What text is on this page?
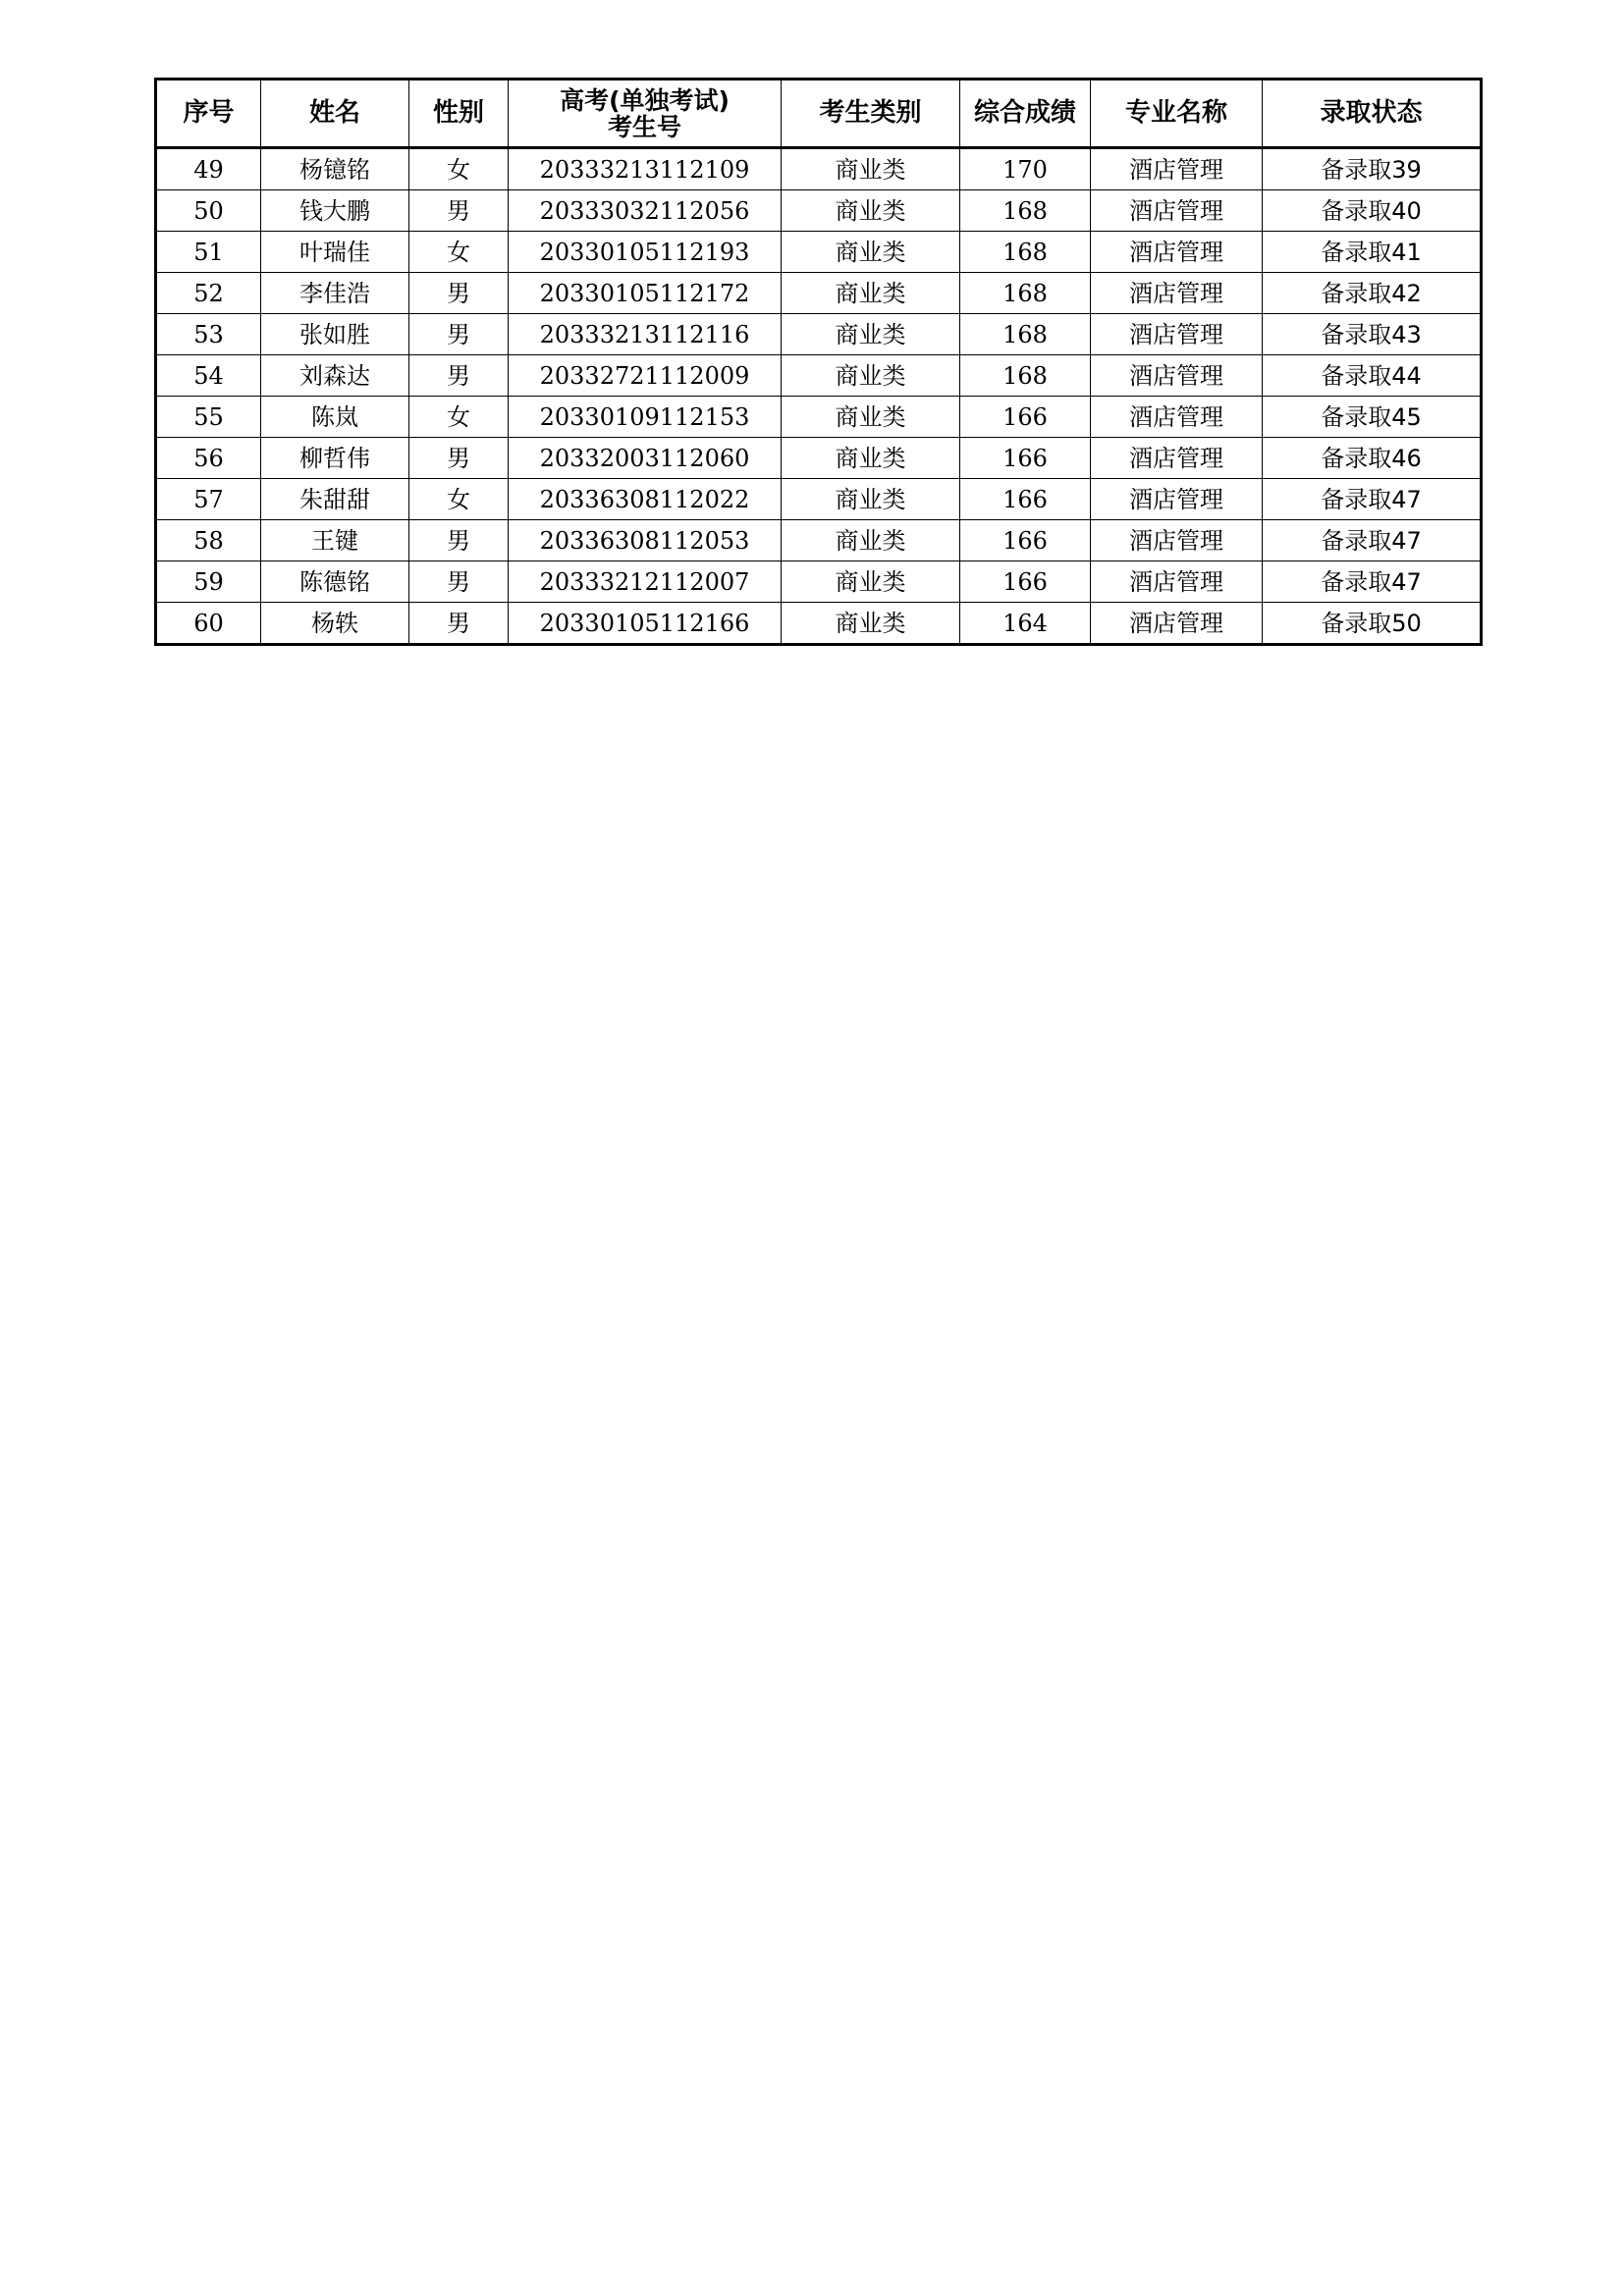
序号	姓名	性别	高考(单独考试)
考生号	考生类别	综合成绩	专业名称	录取状态
49	杨镱铭	女	20333213112109	商业类	170	酒店管理	备录取39
50	钱大鹏	男	20333032112056	商业类	168	酒店管理	备录取40
51	叶瑞佳	女	20330105112193	商业类	168	酒店管理	备录取41
52	李佳浩	男	20330105112172	商业类	168	酒店管理	备录取42
53	张如胜	男	20333213112116	商业类	168	酒店管理	备录取43
54	刘森达	男	20332721112009	商业类	168	酒店管理	备录取44
55	陈岚	女	20330109112153	商业类	166	酒店管理	备录取45
56	柳哲伟	男	20332003112060	商业类	166	酒店管理	备录取46
57	朱甜甜	女	20336308112022	商业类	166	酒店管理	备录取47
58	王键	男	20336308112053	商业类	166	酒店管理	备录取47
59	陈德铭	男	20333212112007	商业类	166	酒店管理	备录取47
60	杨轶	男	20330105112166	商业类	164	酒店管理	备录取50
